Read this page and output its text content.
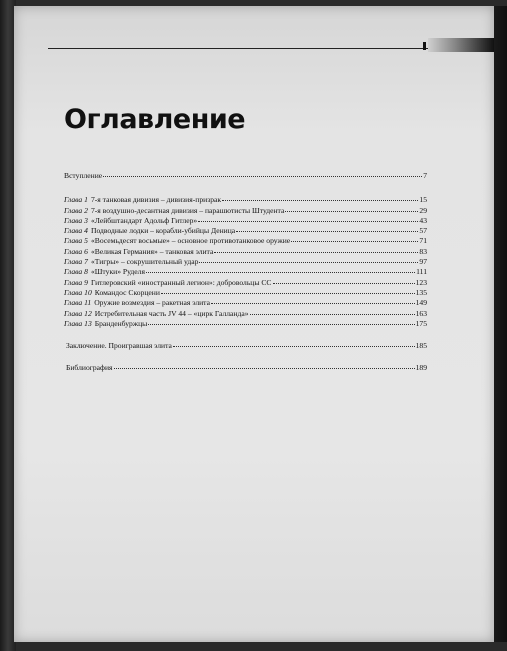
Оглавление
Вступление	7
Глава 1 7-я танковая дивизия – дивизия-призрак	15
Глава 2 7-я воздушно-десантная дивизия – парашютисты Штудента	29
Глава 3 «Лейбштандарт Адольф Гитлер»	43
Глава 4 Подводные лодки – корабли-убийцы Деница	57
Глава 5 «Восемьдесят восьмые» – основное противотанковое оружие	71
Глава 6 «Великая Германия» – танковая элита	83
Глава 7 «Тигры» – сокрушительный удар	97
Глава 8 «Штуки» Руделя	111
Глава 9 Гитлеровский «иностранный легион»: добровольцы СС	123
Глава 10 Командос Скорцени	135
Глава 11 Оружие возмездия – ракетная элита	149
Глава 12 Истребительная часть JV 44 – «цирк Галланда»	163
Глава 13 Бранденбуржцы	175
Заключение. Проигравшая элита	185
Библиография	189
